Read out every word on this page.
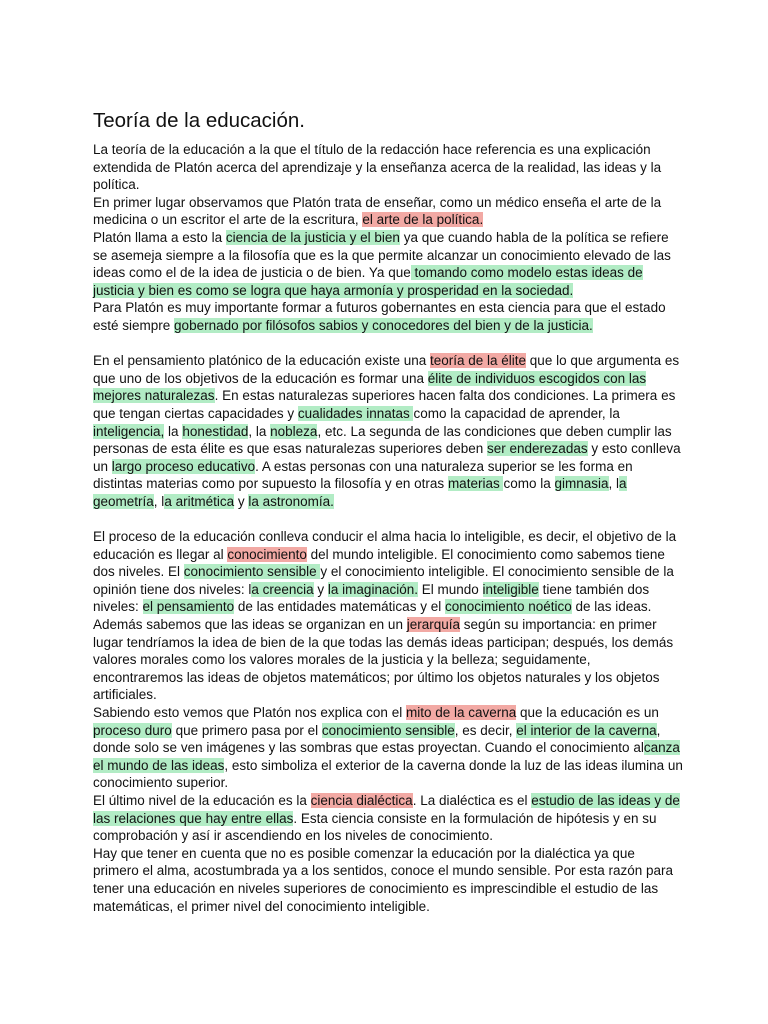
Teoría de la educación.

La teoría de la educación a la que el título de la redacción hace referencia es una explicación extendida de Platón acerca del aprendizaje y la enseñanza acerca de la realidad, las ideas y la política.

En primer lugar observamos que Platón trata de enseñar, como un médico enseña el arte de la medicina o un escritor el arte de la escritura, el arte de la política.

Platón llama a esto la ciencia de la justicia y el bien ya que cuando habla de la política se refiere se asemeja siempre a la filosofía que es la que permite alcanzar un conocimiento elevado de las ideas como el de la idea de justicia o de bien. Ya que tomando como modelo estas ideas de justicia y bien es como se logra que haya armonía y prosperidad en la sociedad.

Para Platón es muy importante formar a futuros gobernantes en esta ciencia para que el estado esté siempre gobernado por filósofos sabios y conocedores del bien y de la justicia.

En el pensamiento platónico de la educación existe una teoría de la élite que lo que argumenta es que uno de los objetivos de la educación es formar una élite de individuos escogidos con las mejores naturalezas. En estas naturalezas superiores hacen falta dos condiciones. La primera es que tengan ciertas capacidades y cualidades innatas como la capacidad de aprender, la inteligencia, la honestidad, la nobleza, etc. La segunda de las condiciones que deben cumplir las personas de esta élite es que esas naturalezas superiores deben ser enderezadas y esto conlleva un largo proceso educativo. A estas personas con una naturaleza superior se les forma en distintas materias como por supuesto la filosofía y en otras materias como la gimnasia, la geometría, la aritmética y la astronomía.

El proceso de la educación conlleva conducir el alma hacia lo inteligible, es decir, el objetivo de la educación es llegar al conocimiento del mundo inteligible. El conocimiento como sabemos tiene dos niveles. El conocimiento sensible y el conocimiento inteligible. El conocimiento sensible de la opinión tiene dos niveles: la creencia y la imaginación. El mundo inteligible tiene también dos niveles: el pensamiento de las entidades matemáticas y el conocimiento noético de las ideas. Además sabemos que las ideas se organizan en un jerarquía según su importancia: en primer lugar tendríamos la idea de bien de la que todas las demás ideas participan; después, los demás valores morales como los valores morales de la justicia y la belleza; seguidamente, encontraremos las ideas de objetos matemáticos; por último los objetos naturales y los objetos artificiales.

Sabiendo esto vemos que Platón nos explica con el mito de la caverna que la educación es un proceso duro que primero pasa por el conocimiento sensible, es decir, el interior de la caverna, donde solo se ven imágenes y las sombras que estas proyectan. Cuando el conocimiento alcanza el mundo de las ideas, esto simboliza el exterior de la caverna donde la luz de las ideas ilumina un conocimiento superior.

El último nivel de la educación es la ciencia dialéctica. La dialéctica es el estudio de las ideas y de las relaciones que hay entre ellas. Esta ciencia consiste en la formulación de hipótesis y en su comprobación y así ir ascendiendo en los niveles de conocimiento.

Hay que tener en cuenta que no es posible comenzar la educación por la dialéctica ya que primero el alma, acostumbrada ya a los sentidos, conoce el mundo sensible. Por esta razón para tener una educación en niveles superiores de conocimiento es imprescindible el estudio de las matemáticas, el primer nivel del conocimiento inteligible.
